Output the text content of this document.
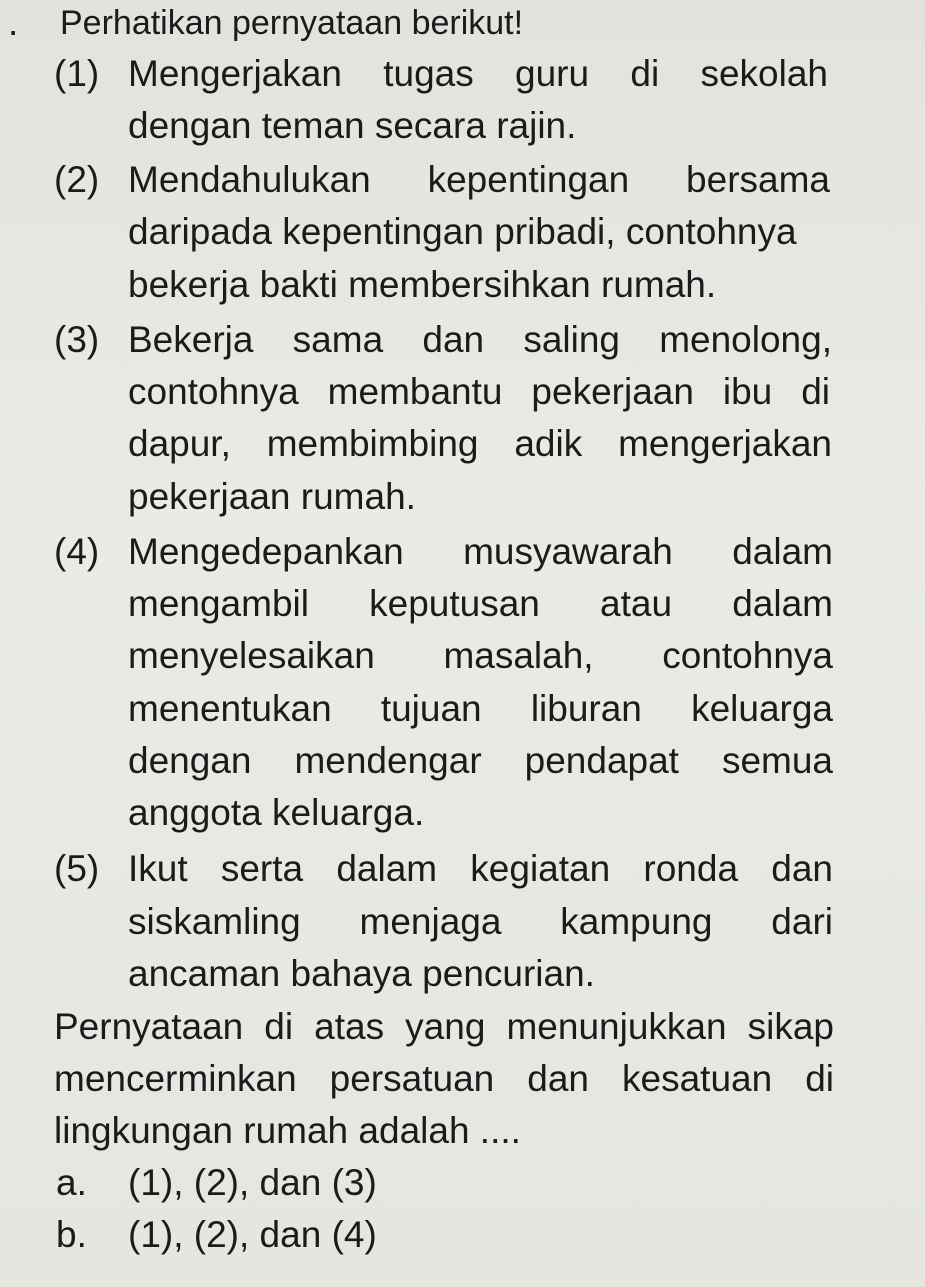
. Perhatikan pernyataan berikut!
(1) Mengerjakan tugas guru di sekolah
dengan teman secara rajin.
(2) Mendahulukan kepentingan bersama
daripada kepentingan pribadi, contohnya
bekerja bakti membersihkan rumah.
(3) Bekerja sama dan saling menolong,
contohnya membantu pekerjaan ibu di
dapur, membimbing adik mengerjakan
pekerjaan rumah.
(4) Mengedepankan musyawarah dalam
mengambil keputusan atau dalam
menyelesaikan masalah, contohnya
menentukan tujuan liburan keluarga
dengan mendengar pendapat semua
anggota keluarga.
(5) Ikut serta dalam kegiatan ronda dan
siskamling menjaga kampung dari
ancaman bahaya pencurian.
Pernyataan di atas yang menunjukkan sikap
mencerminkan persatuan dan kesatuan di
lingkungan rumah adalah ....
a. (1), (2), dan (3)
b. (1), (2), dan (4)
